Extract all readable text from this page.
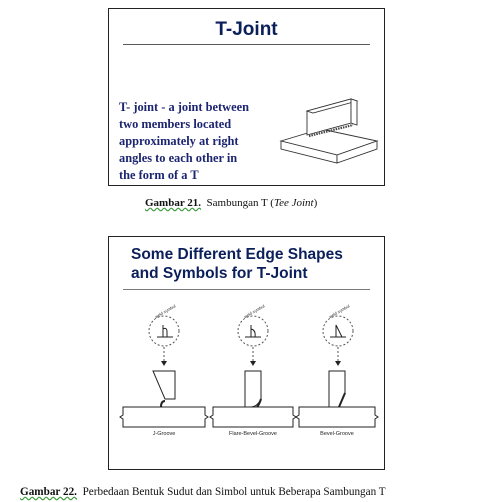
T-Joint
T- joint - a joint between
two members located
approximately at right
angles to each other in
the form of a T
Gambar 21. Sambungan T (Tee Joint)
Some Different Edge Shapes
and Symbols for T-Joint
weld symbol
J-Groove
weld symbol
Flare-Bevel-Groove
weld symbol
Bevel-Groove
Gambar 22. Perbedaan Bentuk Sudut dan Simbol untuk Beberapa Sambungan T
